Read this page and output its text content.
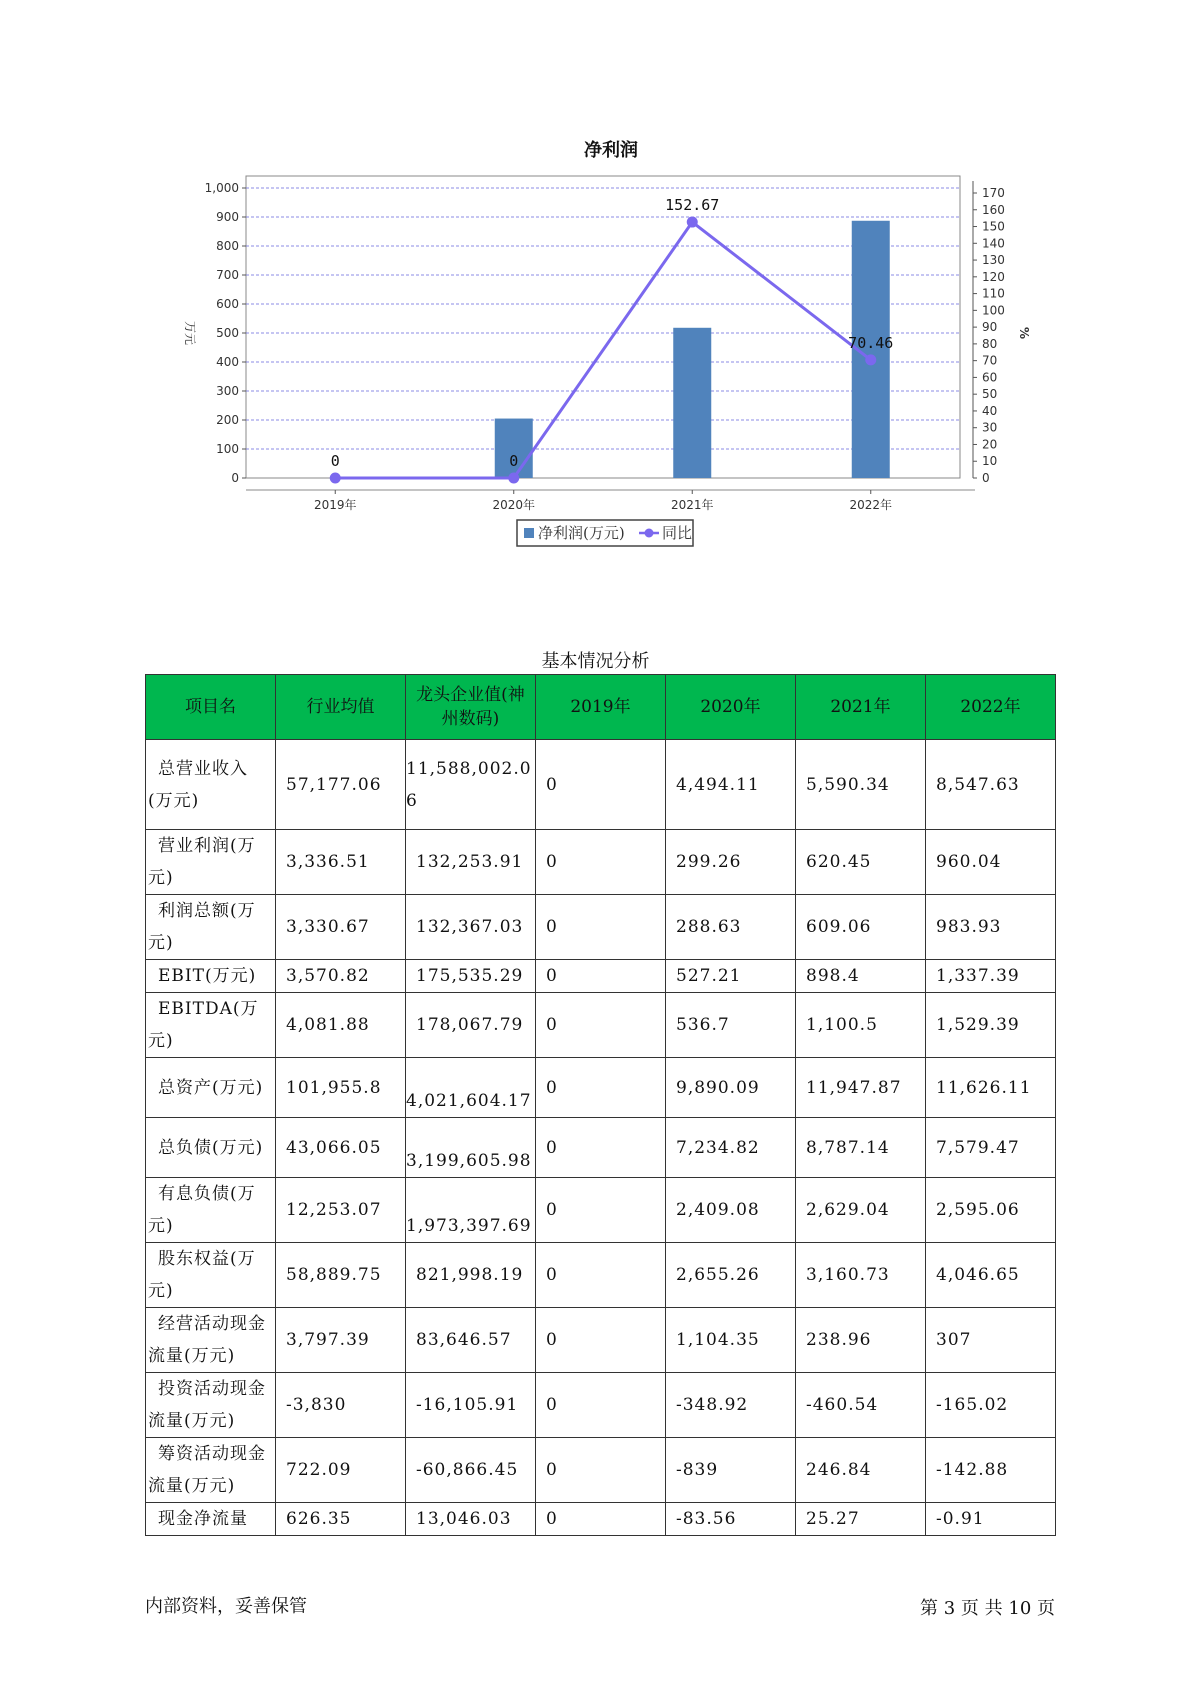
净利润
0
100
200
300
400
500
600
700
800
900
1,000
0
10
20
30
40
50
60
70
80
90
100
110
120
130
140
150
160
170
万元	%
2019年	2020年	2021年	2022年
0	0
152.67
70.46
净利润(万元) 同比
基本情况分析
项目名	行业均值	龙头企业值(神州数码)	2019年	2020年	2021年	2022年
总营业收入(万元)	57,177.06	11,588,002.06	0	4,494.11	5,590.34	8,547.63
营业利润(万元)	3,336.51	132,253.91	0	299.26	620.45	960.04
利润总额(万元)	3,330.67	132,367.03	0	288.63	609.06	983.93
EBIT(万元)	3,570.82	175,535.29	0	527.21	898.4	1,337.39
EBITDA(万元)	4,081.88	178,067.79	0	536.7	1,100.5	1,529.39
总资产(万元)	101,955.8	4,021,604.17	0	9,890.09	11,947.87	11,626.11
总负债(万元)	43,066.05	3,199,605.98	0	7,234.82	8,787.14	7,579.47
有息负债(万元)	12,253.07	1,973,397.69	0	2,409.08	2,629.04	2,595.06
股东权益(万元)	58,889.75	821,998.19	0	2,655.26	3,160.73	4,046.65
经营活动现金流量(万元)	3,797.39	83,646.57	0	1,104.35	238.96	307
投资活动现金流量(万元)	-3,830	-16,105.91	0	-348.92	-460.54	-165.02
筹资活动现金流量(万元)	722.09	-60,866.45	0	-839	246.84	-142.88
现金净流量	626.35	13,046.03	0	-83.56	25.27	-0.91
内部资料，妥善保管	第 3 页 共 10 页
